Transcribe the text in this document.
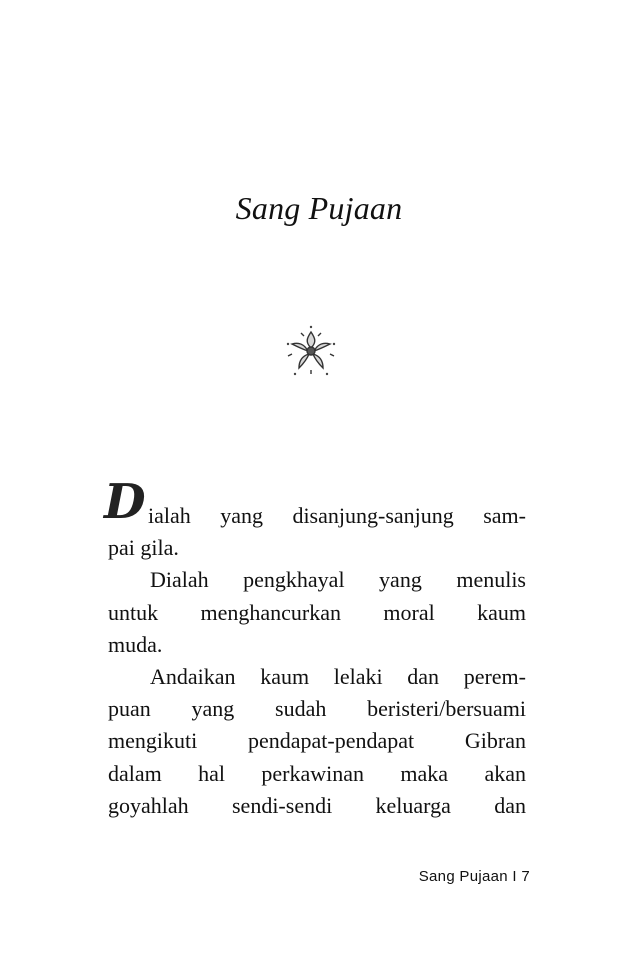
Sang Pujaan
D ialah yang disanjung-sanjung sam-
pai gila.
Dialah pengkhayal yang menulis
untuk menghancurkan moral kaum
muda.
Andaikan kaum lelaki dan perem-
puan yang sudah beristeri/bersuami
mengikuti pendapat-pendapat Gibran
dalam hal perkawinan maka akan
goyahlah sendi-sendi keluarga dan
Sang Pujaan I 7
